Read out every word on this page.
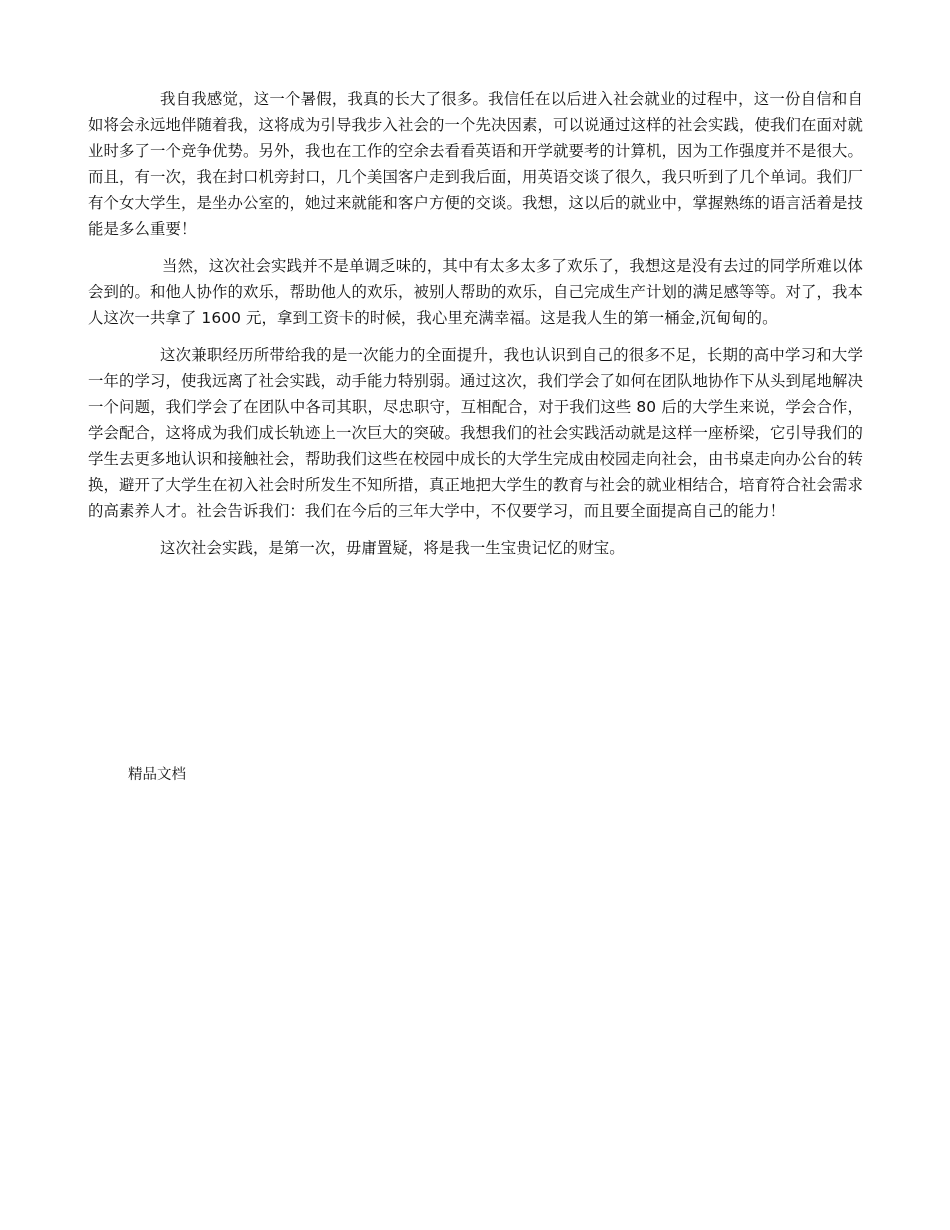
我自我感觉，这一个暑假，我真的长大了很多。我信任在以后进入社会就业的过程中，这一份自信和自如将会永远地伴随着我，这将成为引导我步入社会的一个先决因素，可以说通过这样的社会实践，使我们在面对就业时多了一个竞争优势。另外，我也在工作的空余去看看英语和开学就要考的计算机，因为工作强度并不是很大。而且，有一次，我在封口机旁封口，几个美国客户走到我后面，用英语交谈了很久，我只听到了几个单词。我们厂有个女大学生，是坐办公室的，她过来就能和客户方便的交谈。我想，这以后的就业中，掌握熟练的语言活着是技能是多么重要！

当然，这次社会实践并不是单调乏味的，其中有太多太多了欢乐了，我想这是没有去过的同学所难以体会到的。和他人协作的欢乐，帮助他人的欢乐，被别人帮助的欢乐，自己完成生产计划的满足感等等。对了，我本人这次一共拿了 1600 元，拿到工资卡的时候，我心里充满幸福。这是我人生的第一桶金,沉甸甸的。

这次兼职经历所带给我的是一次能力的全面提升，我也认识到自己的很多不足，长期的高中学习和大学一年的学习，使我远离了社会实践，动手能力特别弱。通过这次，我们学会了如何在团队地协作下从头到尾地解决一个问题，我们学会了在团队中各司其职，尽忠职守，互相配合，对于我们这些 80 后的大学生来说，学会合作，学会配合，这将成为我们成长轨迹上一次巨大的突破。我想我们的社会实践活动就是这样一座桥梁，它引导我们的学生去更多地认识和接触社会，帮助我们这些在校园中成长的大学生完成由校园走向社会，由书桌走向办公台的转换，避开了大学生在初入社会时所发生不知所措，真正地把大学生的教育与社会的就业相结合，培育符合社会需求的高素养人才。社会告诉我们：我们在今后的三年大学中，不仅要学习，而且要全面提高自己的能力！

这次社会实践，是第一次，毋庸置疑，将是我一生宝贵记忆的财宝。

精品文档
